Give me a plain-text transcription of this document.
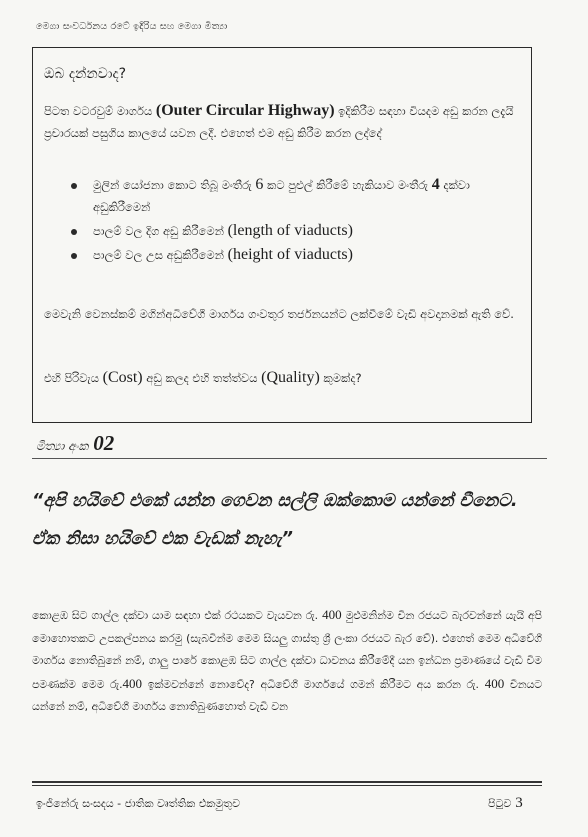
මෙගා සංවර්ධනය රටේ ඉදිරිය සහ මෙගා මිත්‍යා
ඔබ දන්නවාද?
පිටත වටරවුම් මාර්ගය (Outer Circular Highway) ඉදිකිරීම සඳහා වියදම අඩු කරන ලදැයි ප්‍රචාරයක් පසුගිය කාලයේ යවන ලදී. එහෙත් එම අඩු කිරීම කරන ලද්දේ
මුලින් යෝජනා කොට තිබූ මංතීරු 6 කට පුළුල් කිරීමේ හැකියාව මංතීරු 4 දක්වා අඩුකිරීමෙන්
පාලම් වල දිග අඩු කිරීමෙන් (length of viaducts)
පාලම් වල උස අඩුකිරීමෙන් (height of viaducts)
මෙවැනි වෙනස්කම් මගින්අධිවේගී මාර්ගය ගංවතුර තර්ජනයන්ට ලක්වීමේ වැඩි අවදානමක් ඇති වේ.
එහි පිරිවැය (Cost) අඩු කලද එහි තත්ත්වය (Quality) කුමක්ද?
මිත්‍යා අංක 02
“අපි හයිවේ එකේ යන්න ගෙවන සල්ලි ඔක්කොම යන්නේ චීනෙට. ඒක නිසා හයිවේ එක වැඩක් නැහැ”
කොළඹ සිට ගාල්ල දක්වා යාම සඳහා එක් රථයකට වැයවන රු. 400 මුළුමනින්ම චීන රජයට බැරවන්නේ යැයි අපි මොහොතකට උපකල්පනය කරමු (සැබවින්ම මෙම සියලු ගාස්තු ශ්‍රී ලංකා රජයට බැර වේ). එහෙත් මෙම අධිවේගී මාර්ගය නොතිබුනේ නම්, ගාලු පාරේ කොළඹ සිට ගාල්ල දක්වා ධාවනය කිරීමේදී යන ඉන්ධන ප්‍රමාණයේ වැඩි වීම පමණක්ම මෙම රු.400 ඉක්මවන්නේ නොවේද? අධිවේගී මාර්ගයේ ගමන් කිරීමට අය කරන රු. 400 චීනයට යන්නේ නම්, අධිවේගී මාර්ගය නොතිබුණහොත් වැඩි වන
ඉංජිනේරු සංසදය - ජාතික වෘත්තික එකමුතුව	පිටුව 3
